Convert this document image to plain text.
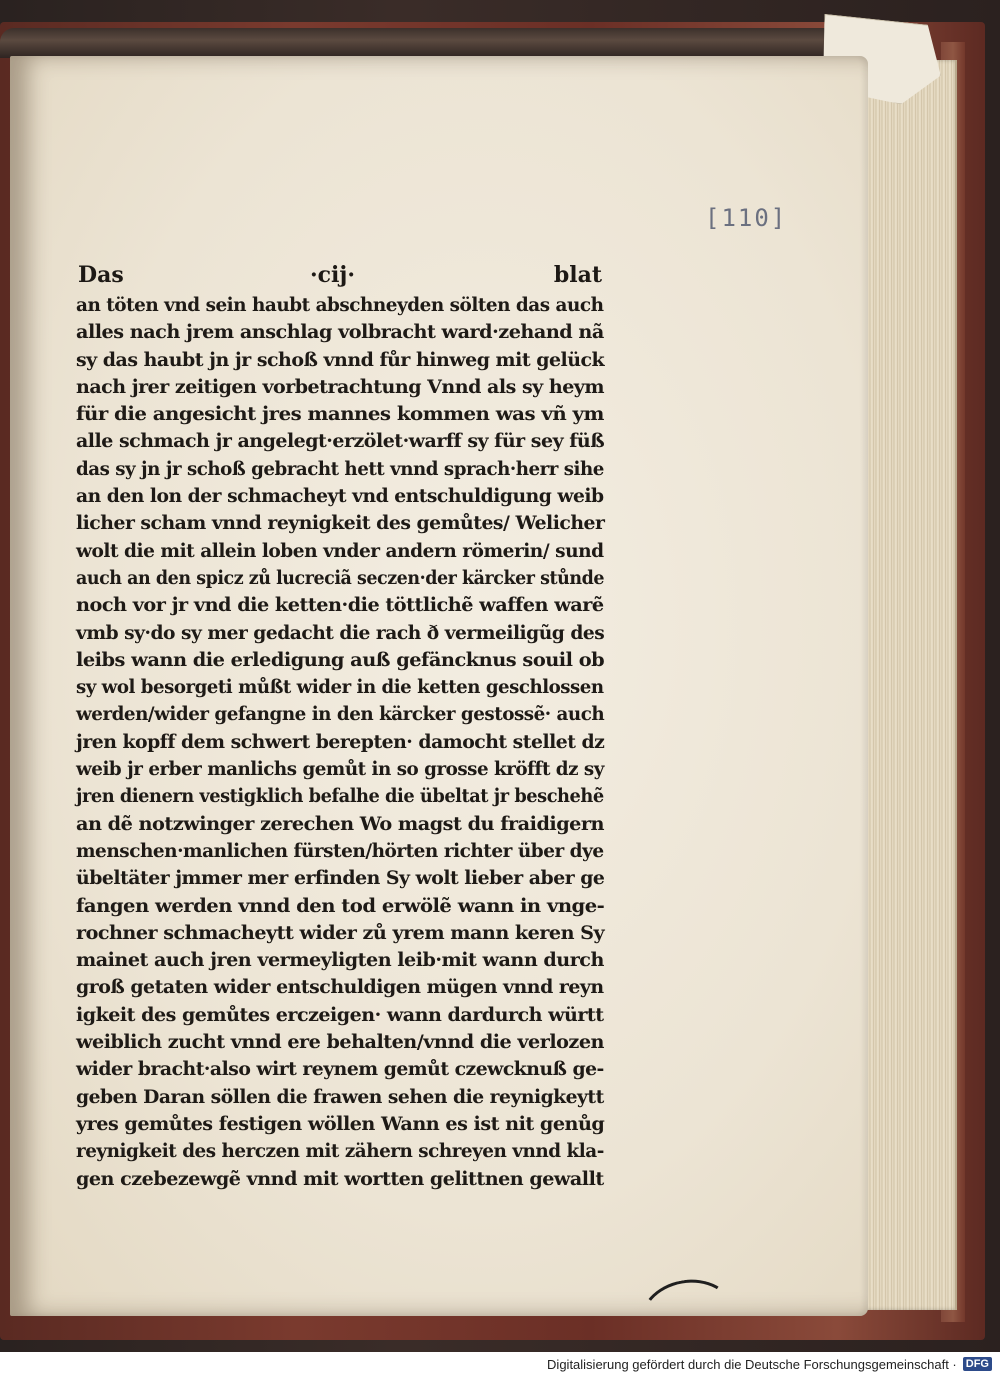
[110]
Das	·cij·	blat
an töten vnd sein haubt abschneyden sölten das auch
alles nach jrem anschlag volbracht ward·zehand nã
sy das haubt jn jr schoß vnnd fůr hinweg mit gelück
nach jrer zeitigen vorbetrachtung Vnnd als sy heym
für die angesicht jres mannes kommen was vñ ym
alle schmach jr angelegt·erzölet·warff sy für sey füß
das sy jn jr schoß gebracht hett vnnd sprach·herr sihe
an den lon der schmacheyt vnd entschuldigung weib
licher scham vnnd reynigkeit des gemůtes/ Welicher
wolt die mit allein loben vnder andern römerin/ sund
auch an den spicz zů lucreciã seczen·der kärcker stůnde
noch vor jr vnd die ketten·die töttlichẽ waffen warẽ
vmb sy·do sy mer gedacht die rach ð vermeiligũg des
leibs wann die erledigung auß gefäncknus souil ob
sy wol besorgeti můßt wider in die ketten geschlossen
werden/wider gefangne in den kärcker gestossẽ· auch
jren kopff dem schwert berepten· damocht stellet dz
weib jr erber manlichs gemůt in so grosse kröfft dz sy
jren dienern vestigklich befalhe die übeltat jr beschehẽ
an dẽ notzwinger zerechen Wo magst du fraidigern
menschen·manlichen fürsten/hörten richter über dye
übeltäter jmmer mer erfinden Sy wolt lieber aber ge
fangen werden vnnd den tod erwölẽ wann in vnge-
rochner schmacheytt wider zů yrem mann keren Sy
mainet auch jren vermeyligten leib·mit wann durch
groß getaten wider entschuldigen mügen vnnd reyn
igkeit des gemůtes erczeigen· wann dardurch württ
weiblich zucht vnnd ere behalten/vnnd die verlozen
wider bracht·also wirt reynem gemůt czewcknuß ge-
geben Daran söllen die frawen sehen die reynigkeytt
yres gemůtes festigen wöllen Wann es ist nit genůg
reynigkeit des herczen mit zähern schreyen vnnd kla-
gen czebezewgẽ vnnd mit wortten gelittnen gewallt
Digitalisierung gefördert durch die Deutsche Forschungsgemeinschaft · DFG
